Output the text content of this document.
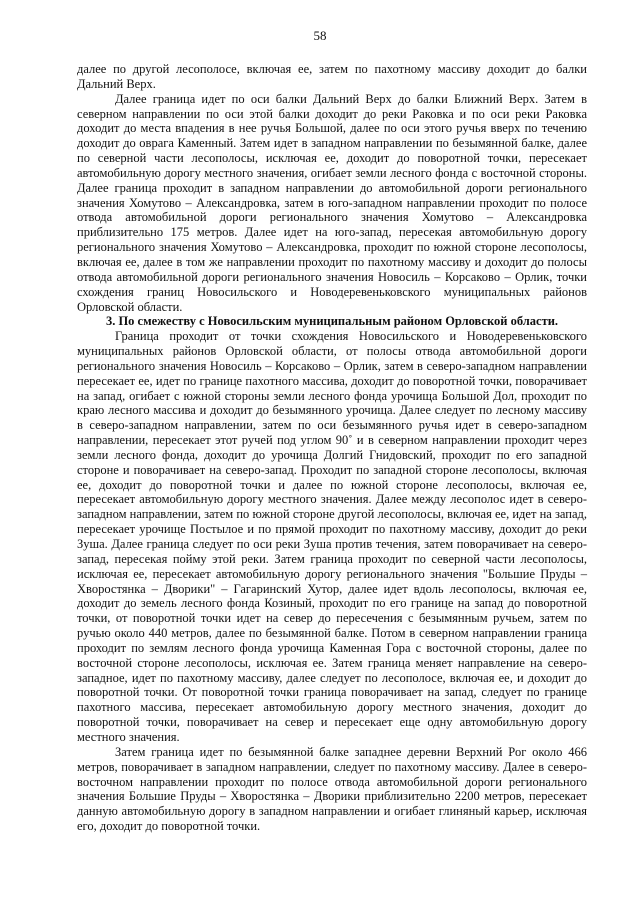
58

далее по другой лесополосе, включая ее, затем по пахотному массиву доходит до балки Дальний Верх.

Далее граница идет по оси балки Дальний Верх до балки Ближний Верх. Затем в северном направлении по оси этой балки доходит до реки Раковка и по оси реки Раковка доходит до места впадения в нее ручья Большой, далее по оси этого ручья вверх по течению доходит до оврага Каменный. Затем идет в западном направлении по безымянной балке, далее по северной части лесополосы, исключая ее, доходит до поворотной точки, пересекает автомобильную дорогу местного значения, огибает земли лесного фонда с восточной стороны. Далее граница проходит в западном направлении до автомобильной дороги регионального значения Хомутово – Александровка, затем в юго-западном направлении проходит по полосе отвода автомобильной дороги регионального значения Хомутово – Александровка приблизительно 175 метров. Далее идет на юго-запад, пересекая автомобильную дорогу регионального значения Хомутово – Александровка, проходит по южной стороне лесополосы, включая ее, далее в том же направлении проходит по пахотному массиву и доходит до полосы отвода автомобильной дороги регионального значения Новосиль – Корсаково – Орлик, точки схождения границ Новосильского и Новодеревеньковского муниципальных районов Орловской области.

3. По смежеству с Новосильским муниципальным районом Орловской области.

Граница проходит от точки схождения Новосильского и Новодеревеньковского муниципальных районов Орловской области, от полосы отвода автомобильной дороги регионального значения Новосиль – Корсаково – Орлик, затем в северо-западном направлении пересекает ее, идет по границе пахотного массива, доходит до поворотной точки, поворачивает на запад, огибает с южной стороны земли лесного фонда урочища Большой Дол, проходит по краю лесного массива и доходит до безымянного урочища. Далее следует по лесному массиву в северо-западном направлении, затем по оси безымянного ручья идет в северо-западном направлении, пересекает этот ручей под углом 90˚ и в северном направлении проходит через земли лесного фонда, доходит до урочища Долгий Гнидовский, проходит по его западной стороне и поворачивает на северо-запад. Проходит по западной стороне лесополосы, включая ее, доходит до поворотной точки и далее по южной стороне лесополосы, включая ее, пересекает автомобильную дорогу местного значения. Далее между лесополос идет в северо-западном направлении, затем по южной стороне другой лесополосы, включая ее, идет на запад, пересекает урочище Постылое и по прямой проходит по пахотному массиву, доходит до реки Зуша. Далее граница следует по оси реки Зуша против течения, затем поворачивает на северо-запад, пересекая пойму этой реки. Затем граница проходит по северной части лесополосы, исключая ее, пересекает автомобильную дорогу регионального значения "Большие Пруды – Хворостянка – Дворики" – Гагаринский Хутор, далее идет вдоль лесополосы, включая ее, доходит до земель лесного фонда Козиный, проходит по его границе на запад до поворотной точки, от поворотной точки идет на север до пересечения с безымянным ручьем, затем по ручью около 440 метров, далее по безымянной балке. Потом в северном направлении граница проходит по землям лесного фонда урочища Каменная Гора с восточной стороны, далее по восточной стороне лесополосы, исключая ее. Затем граница меняет направление на северо-западное, идет по пахотному массиву, далее следует по лесополосе, включая ее, и доходит до поворотной точки. От поворотной точки граница поворачивает на запад, следует по границе пахотного массива, пересекает автомобильную дорогу местного значения, доходит до поворотной точки, поворачивает на север и пересекает еще одну автомобильную дорогу местного значения.

Затем граница идет по безымянной балке западнее деревни Верхний Рог около 466 метров, поворачивает в западном направлении, следует по пахотному массиву. Далее в северо-восточном направлении проходит по полосе отвода автомобильной дороги регионального значения Большие Пруды – Хворостянка – Дворики приблизительно 2200 метров, пересекает данную автомобильную дорогу в западном направлении и огибает глиняный карьер, исключая его, доходит до поворотной точки.
